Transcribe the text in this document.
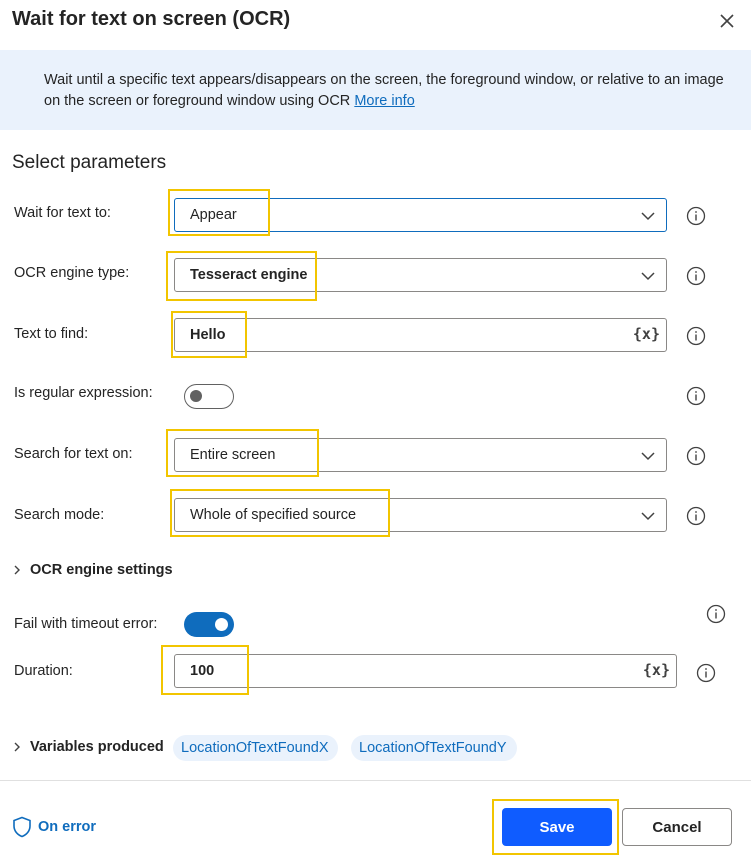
Wait for text on screen (OCR)
Wait until a specific text appears/disappears on the screen, the foreground window, or relative to an image on the screen or foreground window using OCR More info
Select parameters
Wait for text to:	Appear
OCR engine type:	Tesseract engine
Text to find:	Hello	{x}
Is regular expression:
Search for text on:	Entire screen
Search mode:	Whole of specified source
OCR engine settings
Fail with timeout error:
Duration:	100	{x}
Variables produced	LocationOfTextFoundX	LocationOfTextFoundY
On error	Save	Cancel
